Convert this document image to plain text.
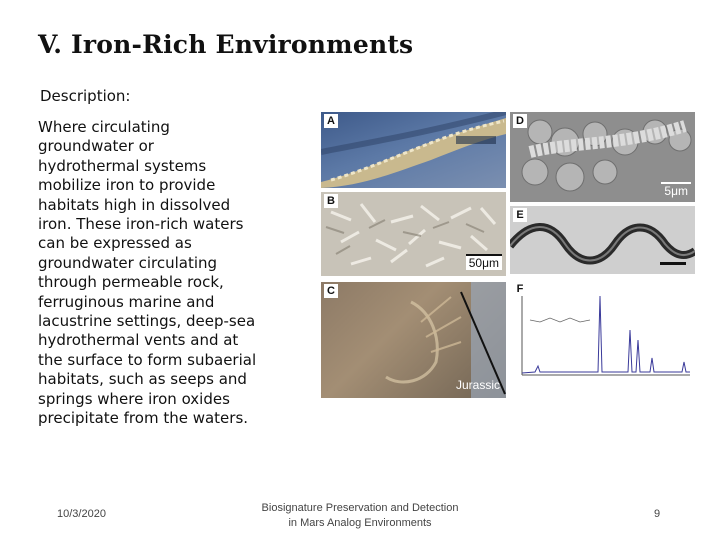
V. Iron-Rich Environments
Description:
Where circulating
groundwater or
hydrothermal systems
mobilize iron to provide
habitats high in dissolved
iron. These iron-rich waters
can be expressed as
groundwater circulating
through permeable rock,
ferruginous marine and
lacustrine settings, deep-sea
hydrothermal vents and at
the surface to form subaerial
habitats, such as seeps and
springs where iron oxides
precipitate from the waters.
A
B
50μm
C
Jurassic
D
5μm
E
F
10/3/2020	Biosignature Preservation and Detection
in Mars Analog Environments
9
